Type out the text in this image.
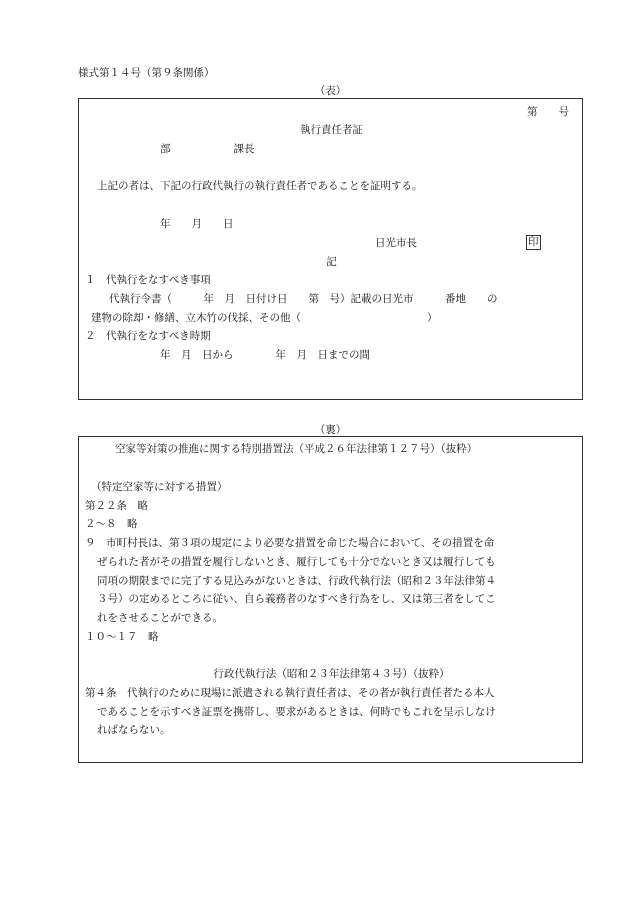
様式第１４号（第９条関係）
（表）
第　　号
執行責任者証
部　　　　　　課長
上記の者は、下記の行政代執行の執行責任者であることを証明する。
年　　月　　日
日光市長	印
記
１　代執行をなすべき事項
代執行令書（　　　年　月　日付け日　　第　号）記載の日光市　　　番地　　の
建物の除却・修繕、立木竹の伐採、その他（　　　　　　　　　　　　）
２　代執行をなすべき時期
年　月　日から　　　　年　月　日までの間
（裏）
空家等対策の推進に関する特別措置法（平成２６年法律第１２７号）（抜粋）
（特定空家等に対する措置）
第２２条　略
２～８　略
９　市町村長は、第３項の規定により必要な措置を命じた場合において、その措置を命
ぜられた者がその措置を履行しないとき、履行しても十分でないとき又は履行しても
同項の期限までに完了する見込みがないときは、行政代執行法（昭和２３年法律第４
３号）の定めるところに従い、自ら義務者のなすべき行為をし、又は第三者をしてこ
れをさせることができる。
１０～１７　略
行政代執行法（昭和２３年法律第４３号）（抜粋）
第４条　代執行のために現場に派遣される執行責任者は、その者が執行責任者たる本人
であることを示すべき証票を携帯し、要求があるときは、何時でもこれを呈示しなけ
ればならない。
